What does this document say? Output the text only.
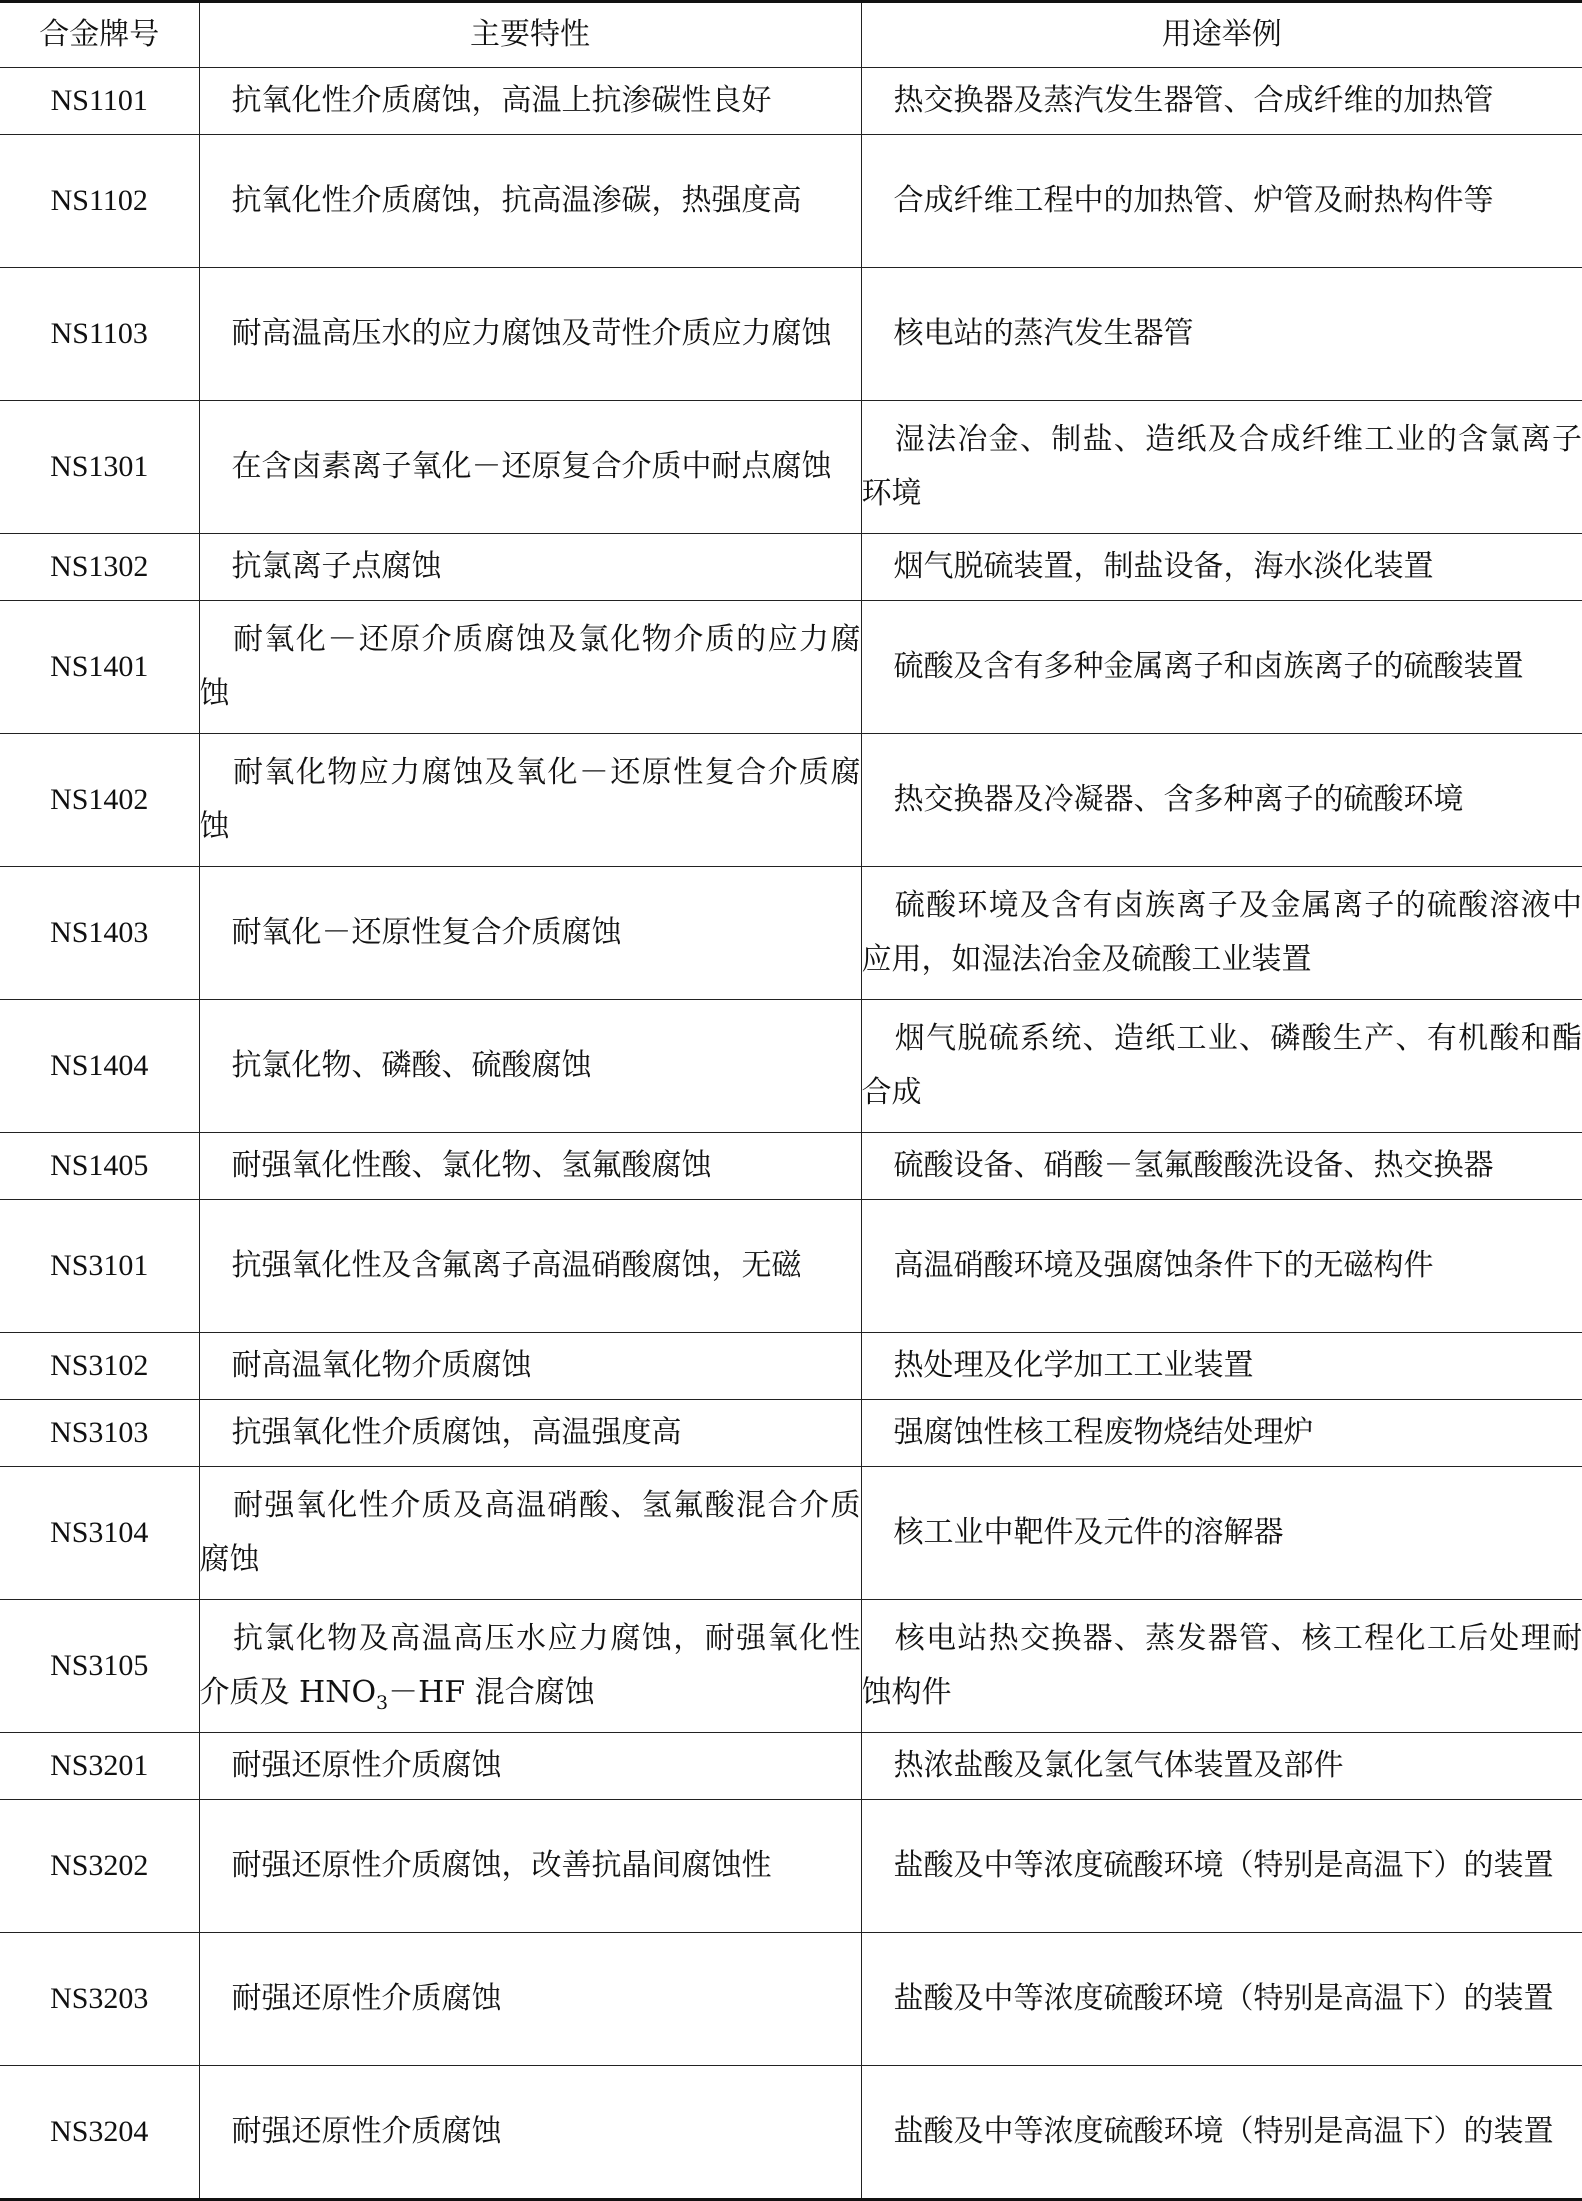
合金牌号	主要特性	用途举例
NS1101	抗氧化性介质腐蚀，高温上抗渗碳性良好	热交换器及蒸汽发生器管、合成纤维的加热管
NS1102	抗氧化性介质腐蚀，抗高温渗碳，热强度高	合成纤维工程中的加热管、炉管及耐热构件等
NS1103	耐高温高压水的应力腐蚀及苛性介质应力腐蚀	核电站的蒸汽发生器管
NS1301	在含卤素离子氧化－还原复合介质中耐点腐蚀	湿法冶金、制盐、造纸及合成纤维工业的含氯离子环境
NS1302	抗氯离子点腐蚀	烟气脱硫装置，制盐设备，海水淡化装置
NS1401	耐氧化－还原介质腐蚀及氯化物介质的应力腐蚀	硫酸及含有多种金属离子和卤族离子的硫酸装置
NS1402	耐氧化物应力腐蚀及氧化－还原性复合介质腐蚀	热交换器及冷凝器、含多种离子的硫酸环境
NS1403	耐氧化－还原性复合介质腐蚀	硫酸环境及含有卤族离子及金属离子的硫酸溶液中应用，如湿法冶金及硫酸工业装置
NS1404	抗氯化物、磷酸、硫酸腐蚀	烟气脱硫系统、造纸工业、磷酸生产、有机酸和酯合成
NS1405	耐强氧化性酸、氯化物、氢氟酸腐蚀	硫酸设备、硝酸－氢氟酸酸洗设备、热交换器
NS3101	抗强氧化性及含氟离子高温硝酸腐蚀，无磁	高温硝酸环境及强腐蚀条件下的无磁构件
NS3102	耐高温氧化物介质腐蚀	热处理及化学加工工业装置
NS3103	抗强氧化性介质腐蚀，高温强度高	强腐蚀性核工程废物烧结处理炉
NS3104	耐强氧化性介质及高温硝酸、氢氟酸混合介质腐蚀	核工业中靶件及元件的溶解器
NS3105	抗氯化物及高温高压水应力腐蚀，耐强氧化性介质及 $HNO_3-HF$ 混合腐蚀	核电站热交换器、蒸发器管、核工程化工后处理耐蚀构件
NS3201	耐强还原性介质腐蚀	热浓盐酸及氯化氢气体装置及部件
NS3202	耐强还原性介质腐蚀，改善抗晶间腐蚀性	盐酸及中等浓度硫酸环境（特别是高温下）的装置
NS3203	耐强还原性介质腐蚀	盐酸及中等浓度硫酸环境（特别是高温下）的装置
NS3204	耐强还原性介质腐蚀	盐酸及中等浓度硫酸环境（特别是高温下）的装置
